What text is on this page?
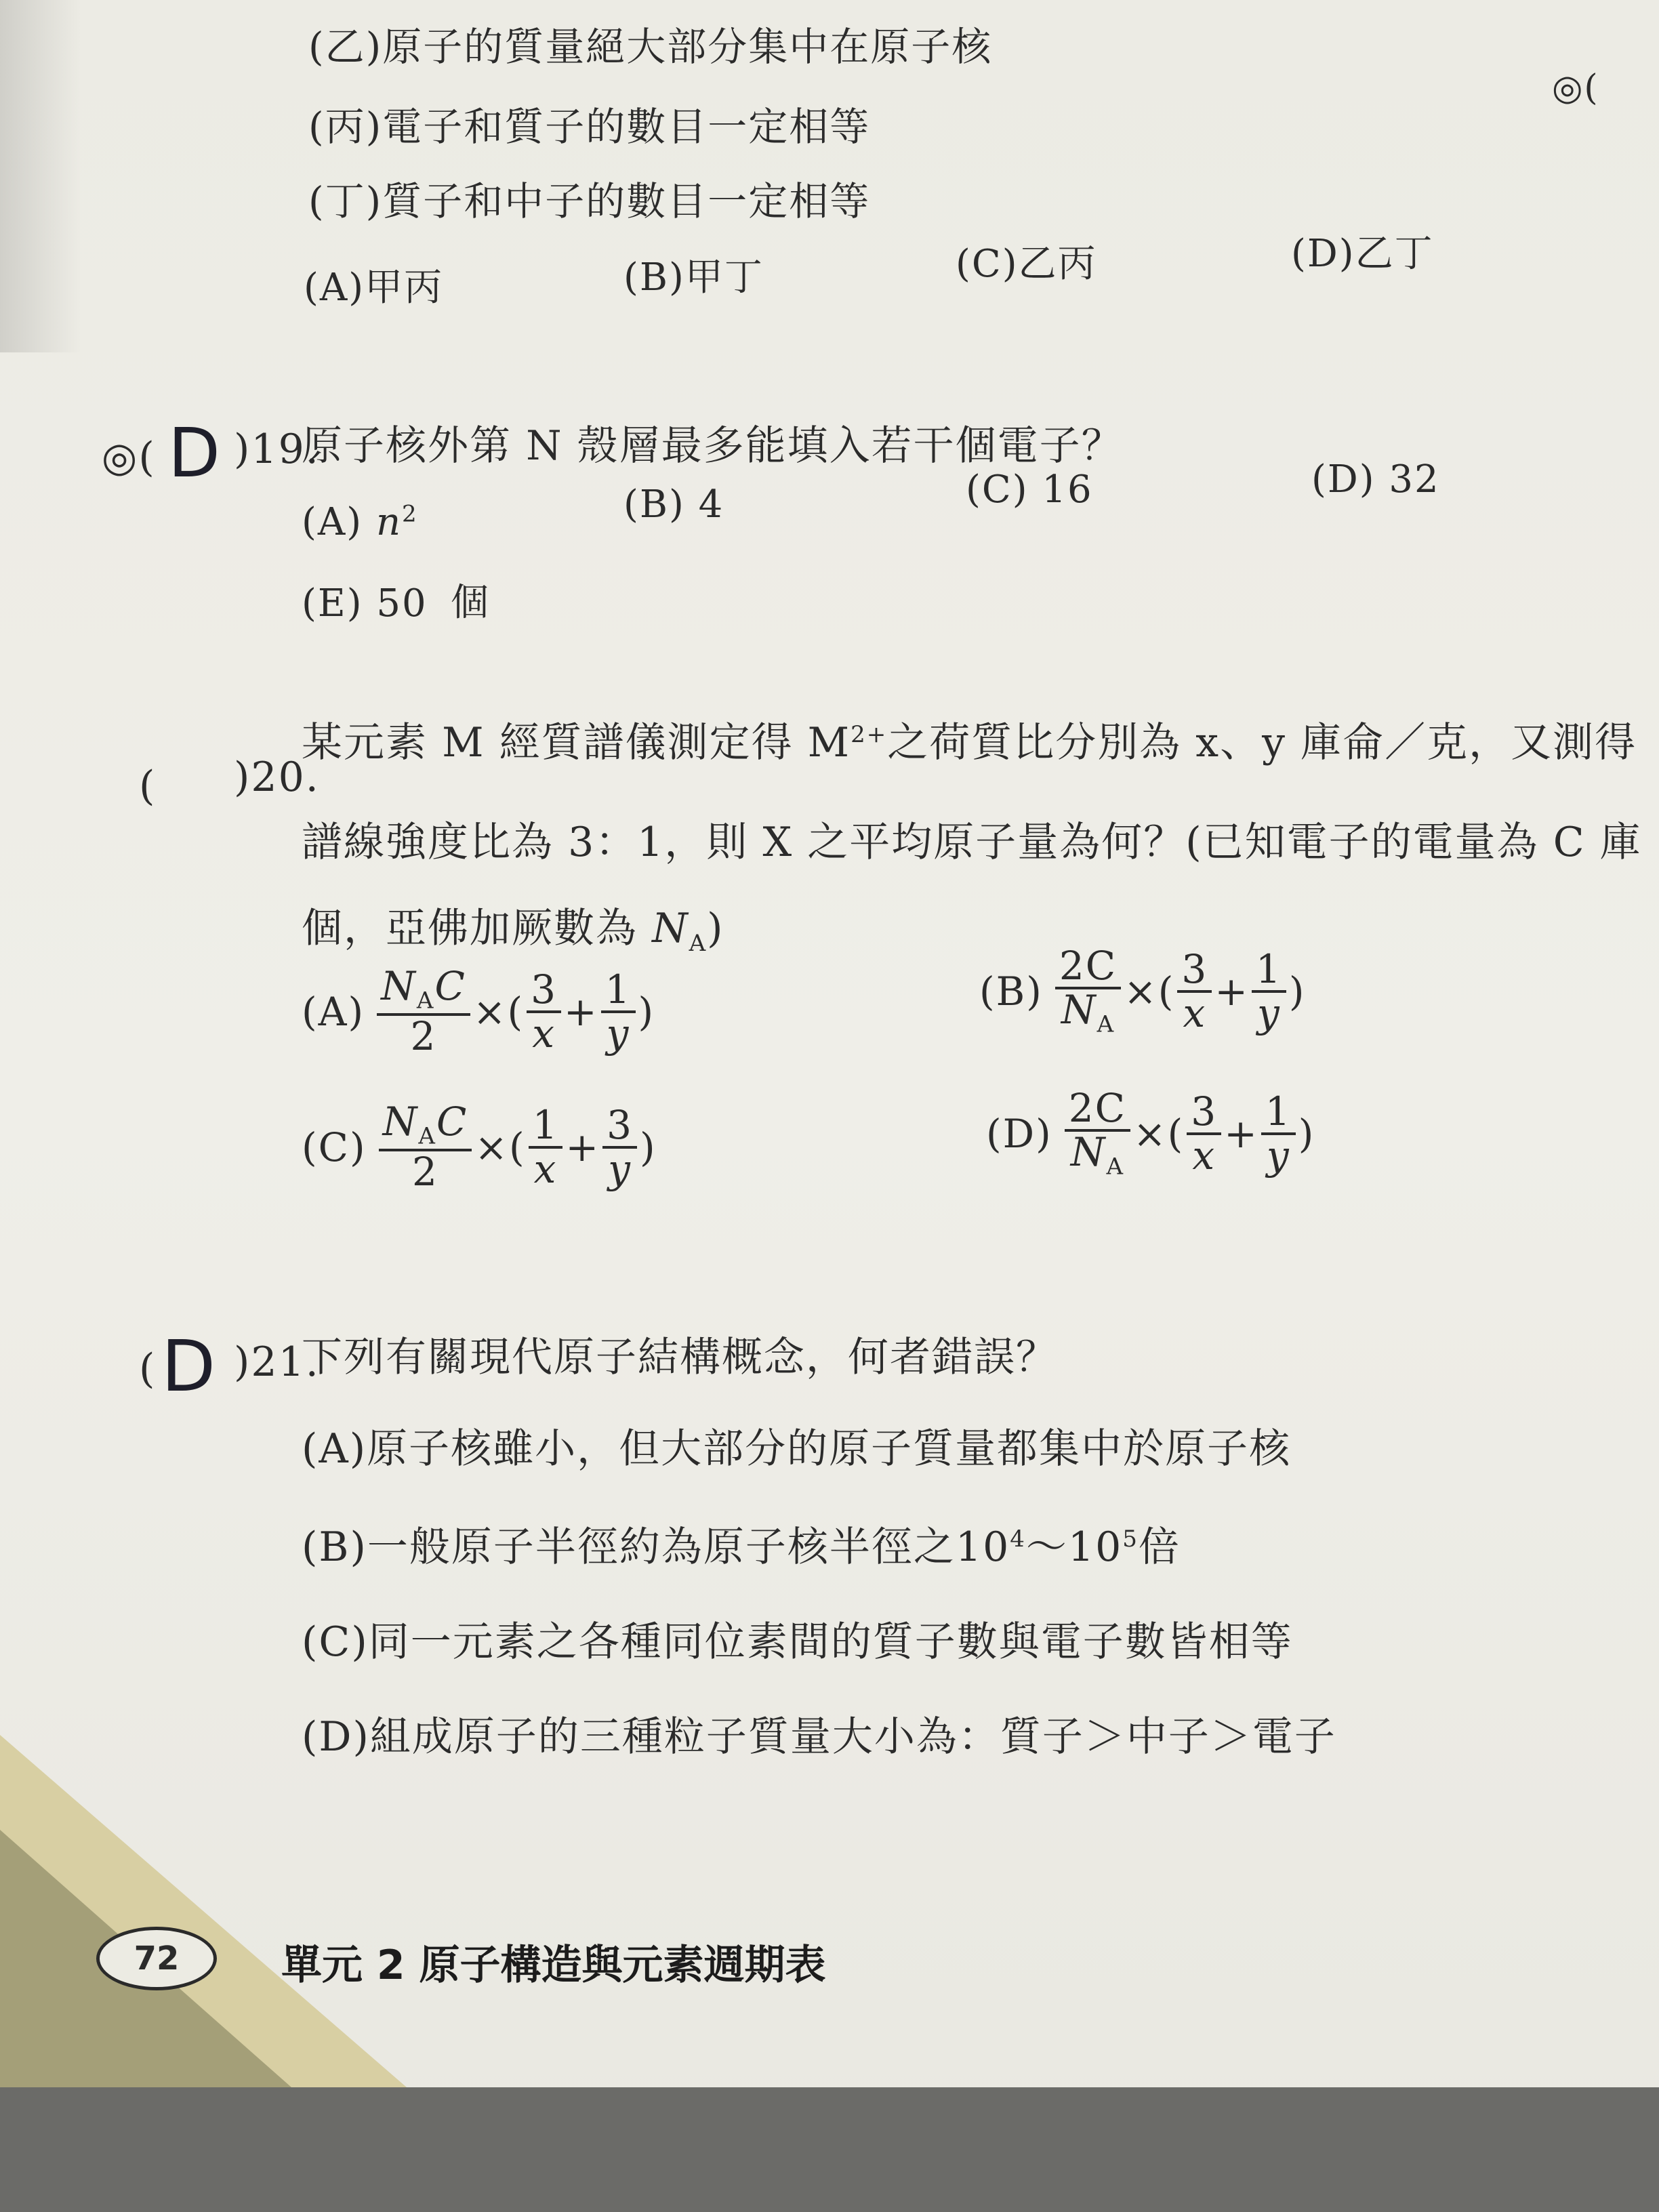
(乙)原子的質量絕大部分集中在原子核
(丙)電子和質子的數目一定相等
(丁)質子和中子的數目一定相等
(A)甲丙	(B)甲丁	(C)乙丙	(D)乙丁
◎(
◎( D )19.
原子核外第 N 殼層最多能填入若干個電子？
(A) $n^2$	(B) 4	(C) 16	(D) 32
(E) 50 個
( )20.
某元素 M 經質譜儀測定得 $M^{2+}$之荷質比分別為 x、y 庫侖／克，又測得
譜線強度比為 3：1，則 X 之平均原子量為何？(已知電子的電量為 C 庫
個，亞佛加厥數為 $N_A$)
$(A) \frac{N_AC}{2}$ ×( $\frac{3}{x} + \frac{1}{y}$ )	$(B) \frac{2C}{N_A}$ ×( $\frac{3}{x} + \frac{1}{y}$ )
$(C) \frac{N_AC}{2}$ ×( $\frac{1}{x} + \frac{3}{y}$ )	$(D) \frac{2C}{N_A}$ ×( $\frac{3}{x} + \frac{1}{y}$ )
( D )21.
下列有關現代原子結構概念，何者錯誤？
(A)原子核雖小，但大部分的原子質量都集中於原子核
(B)一般原子半徑約為原子核半徑之$10^4\sim 10^5$倍
(C)同一元素之各種同位素間的質子數與電子數皆相等
(D)組成原子的三種粒子質量大小為：質子＞中子＞電子
72	單元 2 原子構造與元素週期表
